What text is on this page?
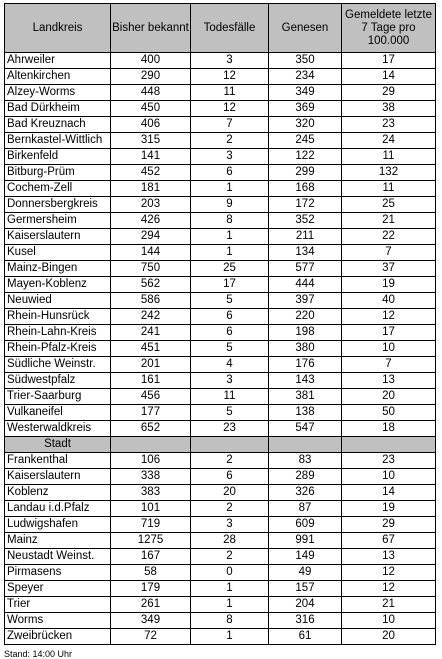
Landkreis	Bisher bekannt	Todesfälle	Genesen	Gemeldete letzte 7 Tage pro 100.000
Ahrweiler	400	3	350	17
Altenkirchen	290	12	234	14
Alzey-Worms	448	11	349	29
Bad Dürkheim	450	12	369	38
Bad Kreuznach	406	7	320	23
Bernkastel-Wittlich	315	2	245	24
Birkenfeld	141	3	122	11
Bitburg-Prüm	452	6	299	132
Cochem-Zell	181	1	168	11
Donnersbergkreis	203	9	172	25
Germersheim	426	8	352	21
Kaiserslautern	294	1	211	22
Kusel	144	1	134	7
Mainz-Bingen	750	25	577	37
Mayen-Koblenz	562	17	444	19
Neuwied	586	5	397	40
Rhein-Hunsrück	242	6	220	12
Rhein-Lahn-Kreis	241	6	198	17
Rhein-Pfalz-Kreis	451	5	380	10
Südliche Weinstr.	201	4	176	7
Südwestpfalz	161	3	143	13
Trier-Saarburg	456	11	381	20
Vulkaneifel	177	5	138	50
Westerwaldkreis	652	23	547	18
Stadt				
Frankenthal	106	2	83	23
Kaiserslautern	338	6	289	10
Koblenz	383	20	326	14
Landau i.d.Pfalz	101	2	87	19
Ludwigshafen	719	3	609	29
Mainz	1275	28	991	67
Neustadt Weinst.	167	2	149	13
Pirmasens	58	0	49	12
Speyer	179	1	157	12
Trier	261	1	204	21
Worms	349	8	316	10
Zweibrücken	72	1	61	20
Stand: 14:00 Uhr
